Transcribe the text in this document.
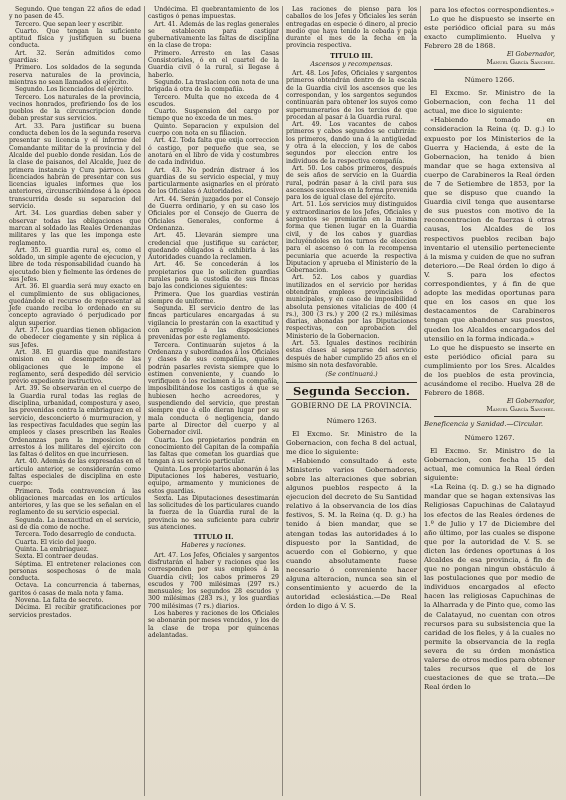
Segundo. Que tengan 22 años de edad y no pasen de 45.

Tercero. Que sepan leer y escribir.

Cuarto. Que tengan la suficiente aptitud física y justifiquen su buena conducta.

Art. 32. Serán admitidos como guardias:

Primero. Los soldados de la segunda reserva naturales de la provincia, mientras no sean llamados al ejército.

Segundo. Los licenciados del ejército.

Tercero. Los naturales de la provincia, vecinos honrados, prefiriendo los de los pueblos de la circunscripcion donde deban prestar sus servicios.

Art. 33. Para justificar su buena conducta deben los de la segunda reserva presentar su licencia y el informe del Comandante militar de la provincia y del Alcalde del pueblo donde residan. Los de la clase de paisanos, del Alcalde, Juez de primera instancia y Cura párroco. Los licenciados habrán de presentar con sus licencias iguales informes que los anteriores, circunscribiéndose á la época transcurrida desde su separacion del servicio.

Art. 34. Los guardias deben saber y observar todas las obligaciones que marcan al soldado las Reales Ordenanzas militares y las que les imponga este reglamento.

Art. 35. El guardia rural es, como el soldado, un simple agente de ejecucion, y libre de toda responsabilidad cuando ha ejecutado bien y fielmente las órdenes de sus Jefes.

Art. 36. El guardia será muy exacto en el cumplimiento de sus obligaciones, quedándole el recurso de representar al Jefe cuando reciba lo ordenado en su concepto agraviado ó perjudicado por algun superior.

Art. 37. Los guardias tienen obligacion de obedecer ciegamente y sin réplica á sus Jefes.

Art. 38. El guardia que manifestare omision en el desempeño de las obligaciones que le impone el reglamento, será despedido del servicio prévio expediente instructivo.

Art. 39. Se observarán en el cuerpo de la Guardia rural todas las reglas de disciplina, urbanidad, compostura y aseo, las prevenidas contra la embriaguez en el servicio, desconcierto ó murmuracion, y las respectivas faculdades que según las empleos y clases prescriben las Reales Ordenanzas para la imposicion de arrestos á los militares del ejército con las faltas ó delitos en que incurriesen.

Art. 40. Además de las expresadas en el artículo anterior, se considerarán como faltas especiales de disciplina en este cuerpo:

Primera. Toda contravencion á las obligaciones marcadas en los artículos anteriores, y las que se les señalan en el reglamento de su servicio especial.

Segunda. La inexactitud en el servicio, asi de día como de noche.

Tercera. Todo desarreglo de conducta.

Cuarta. El vicio del juego.

Quinta. La embriaguez.

Sexta. El contraer deudas.

Séptima. El entretener relaciones con personas sospechosas ó de mala conducta.

Octava. La concurrencia á tabernas, garitos ó casas de mala nota y fama.

Novena. La falta de secreto.

Décima. El recibir gratificaciones por servicios prestados.

Undécima. El quebrantamiento de los castigos ó penas impuestas.

Art. 41. Además de las reglas generales se establecen para castigar gubernativamente las faltas de disciplina en la clase de tropa:

Primero. Arresto en las Casas Consistoriales, ó en el cuartel de la Guardia civil ó la rural, si llegase á haberlo.

Segundo. La traslacion con nota de una brigada á otra de la compañía.

Tercero. Multa que no exceda de 4 escudos.

Cuarto. Suspension del cargo por tiempo que no exceda de un mes.

Quinto. Separacion y expulsion del cuerpo con nota en su filiacion.

Art. 42. Toda falta que exija correccion ó castigo, por pequeño que sea, se anotará en el libro de vida y costumbres de cada individuo.

Art. 43. No podrán distraer á los guardias de su servicio especial, y muy particularmente asignarles en el prórato de los Oficiales ó Autoridades.

Art. 44. Serán juzgados por el Consejo de Guerra ordinario, y en su caso los Oficiales por el Consejo de Guerra de Oficiales Generales, conforme á Ordenanza.

Art. 45. Llevarán siempre una credencial que justifique su carácter, quedando obligados á exhibirla á las Autoridades cuando la reclamen.

Art. 46. Se concederán á los propietarios que lo soliciten guardias rurales para la custodia de sus fincas bajo las condiciones siguientes:

Primera. Que los guardias vestirán siempre de uniforme.

Segunda. El servicio dentro de las fincas particulares encargadas á su vigilancia lo prestarán con la exactitud y con arreglo á las disposiciones prevenidas por este reglamento.

Tercera. Continuarán sujetos á la Ordenanza y subordinados á los Oficiales y clases de sus compañías, quienes podrán pasarles revista siempre que lo estimen conveniente, y cuando lo verifiquen ó los reclamen á la compañía, imposibilitándose los castigos á que se hubiesen hecho acreedores, y suspendiendo del servicio, que prestan siempre que á ello dieran lugar por su mala conducta ó negligencia, dando parte al Director del cuerpo y al Gobernador civil.

Cuarta. Los propietarios pondrán en conocimiento del Capitan de la compañía las faltas que cometan los guardias que tengan á su servicio particular.

Quinta. Los propietarios abonarán á las Diputaciones los haberes, vestuario, equipo, armamento y municiones de estos guardias.

Sexta. Las Diputaciones desestimarán las solicitudes de los particulares cuando la fuerza de la Guardia rural de la provincia no sea suficiente para cubrir sus atenciones.

TITULO II.
Haberes y raciones.

Art. 47. Los Jefes, Oficiales y sargentos disfrutarán el haber y raciones que les corresponden por sus empleos á la Guardia civil; los cabos primeros 29 escudos y 700 milésimas (297 rs.) mensuales; los segundos 28 escudos y 300 milésimas (283 rs.), y los guardias 700 milésimas (7 rs.) diarios.

Los haberes y raciones de los Oficiales se abonarán por meses vencidos, y los de la clase de tropa por quincenas adelantadas.

Las raciones de pienso para los caballos de los Jefes y Oficiales les serán entregadas en especie ó dinero, al precio medio que haya tenido la cebada y paja durante el mes de la fecha en la provincia respectiva.

TITULO III.
Ascensos y recompensas.

Art. 48. Los Jefes, Oficiales y sargentos primeros obtendrán dentro de la escala de la Guardia civil los ascensos que les correspondan, y los sargentos segundos continuarán para obtener los suyos como supernumerarios de los tercios de que procedan al pasar á la Guardia rural.

Art. 49. Los vacantes de cabos primeros y cabos segundos se cubrirán: los primeros, dando una á la antigüedad y otra á la eleccion, y los de cabos segundos por eleccion entre los individuos de la respectiva compañía.

Art. 50. Los cabos primeros, después de seis años de servicio en la Guardia rural, podrán pasar á la civil para sus ascensos sucesivos en la forma prevenida para los de igual clase del ejército.

Art. 51. Los servicios muy distinguidos y extraordinarios de los Jefes, Oficiales y sargentos se premiarán en la misma forma que tienen lugar en la Guardia civil, y de los cabos y guardias incluyéndoles en los turnos de eleccion para el ascenso ó con la recompensa pecuniaria que acuerde la respectiva Diputacion y aprueba el Ministerio de la Gobernacion.

Art. 52. Los cabos y guardias inutilizados en el servicio por heridas obtendrán empleos provinciales ó municipales, y en caso de imposibilidad absoluta pensiones vitalicias de 400 (4 rs.), 300 (3 rs.) y 200 (2 rs.) milésimas diarias, abonadas por las Diputaciones respectivas, con aprobacion del Ministerio de la Gobernacion.

Art. 53. Iguales destinos recibirán estas clases al separarse del servicio después de haber cumplido 25 años en el mismo sin nota desfavorable.

(Se continuará.)
Segunda Seccion.
GOBIERNO DE LA PROVINCIA.
Número 1263.

El Excmo. Sr. Ministro de la Gobernacion, con fecha 8 del actual, me dice lo siguiente:

«Habiendo consultado á este Ministerio varios Gobernadores, sobre las alteraciones que sobrian algunos pueblos respecto á la ejecucion del decreto de Su Santidad relativo á la observancia de los días festivos, S. M. la Reina (q. D. g.) ha tenido á bien mandar, que se atengan todas las autoridades á lo dispuesto por la Santidad, de acuerdo con el Gobierno, y que cuando absolutamente fuese necesario ó conveniente hacer alguna alteracion, nunca sea sin el consentimiento y acuerdo de la autoridad eclesiástica.—De Real órden lo digo á V. S.

para los efectos correspondientes.»

Lo que he dispuesto se inserte en este periódico oficial para su más exacto cumplimiento. Huelva y Febrero 28 de 1868.

El Gobernador,

Manuel García Sanchez.

Número 1266.

El Excmo. Sr. Ministro de la Gobernacion, con fecha 11 del actual, me dice lo siguiente:

«Habiendo tomado en consideracion la Reina (q. D. g.) lo expuesto por los Ministerios de la Guerra y Hacienda, á este de la Gobernacion, ha tenido á bien mandar que se haga extensiva al cuerpo de Carabineros la Real órden de 7 de Setiembre de 1853, por la que se dispuso que cuando la Guardia civil tenga que ausentarse de sus puestos con motivo de la reconcentracion de fuerzas ú otras causas, los Alcaldes de los respectivos pueblos reciban bajo inventario el utensilio perteneciente á la misma y cuiden de que no sufran deterioro.—De Real órden lo digo á V. S. para los efectos correspondientes, y á fin de que adopte las medidas oportunas para que en los casos en que los destacamentos de Carabineros tengan que abandonar sus puestos, queden los Alcaldes encargados del utensilio en la forma indicada.»

Lo que he dispuesto se inserte en este periódico oficial para su cumplimiento por los Sres. Alcaldes de los pueblos de esta provincia, acusándome el recibo. Huelva 28 de Febrero de 1868.

El Gobernador,

Manuel García Sanchez.

Beneficencia y Sanidad.—Circular.

Número 1267.

El Excmo. Sr. Ministro de la Gobernacion, con fecha 15 del actual, me comunica la Real órden siguiente:

«La Reina (q. D. g.) se ha dignado mandar que se hagan extensivas las Religiosas Capuchinas de Calatayud los efectos de las Reales órdenes de 1.º de Julio y 17 de Diciembre del año último, por las cuales se dispone que por la autoridad de V. S. se dicten las órdenes oportunas á los Alcaldes de esa provincia, á fin de que no pongan ningun obstáculo á las postulaciones que por medio de individuos encargados al efecto hacen las religiosas Capuchinas de la Alharrada y de Pinto que, como las de Calatayud, no cuentan con otros recursos para su subsistencia que la caridad de los fieles, y á la cuales no permite la observancia de la regla severa de su órden monástica valerse de otros medios para obtener tales recursos que el de los cuestaciones de que se trata.—De Real órden lo
